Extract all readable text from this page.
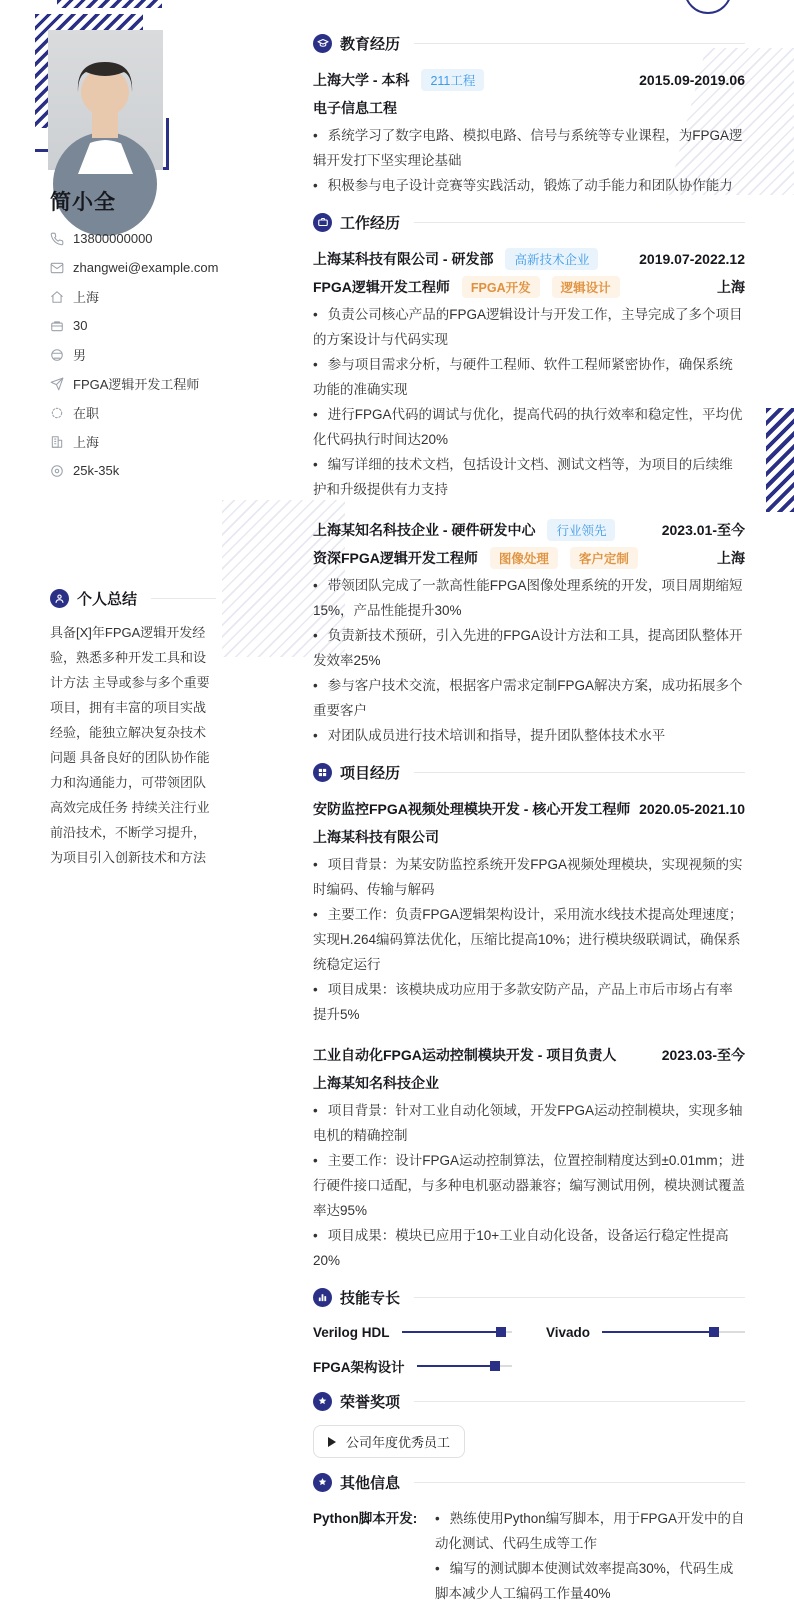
简小全
13800000000
zhangwei@example.com
上海
30
男
FPGA逻辑开发工程师
在职
上海
25k-35k
个人总结
具备[X]年FPGA逻辑开发经验，熟悉多种开发工具和设计方法 主导或参与多个重要项目，拥有丰富的项目实战经验，能独立解决复杂技术问题 具备良好的团队协作能力和沟通能力，可带领团队高效完成任务 持续关注行业前沿技术，不断学习提升，为项目引入创新技术和方法
教育经历
上海大学 - 本科	211工程	2015.09-2019.06
电子信息工程

• 系统学习了数字电路、模拟电路、信号与系统等专业课程，为FPGA逻辑开发打下坚实理论基础

• 积极参与电子设计竞赛等实践活动，锻炼了动手能力和团队协作能力

工作经历
上海某科技有限公司 - 研发部	高新技术企业	2019.07-2022.12
FPGA逻辑开发工程师	FPGA开发	逻辑设计	上海

• 负责公司核心产品的FPGA逻辑设计与开发工作，主导完成了多个项目的方案设计与代码实现

• 参与项目需求分析，与硬件工程师、软件工程师紧密协作，确保系统功能的准确实现

• 进行FPGA代码的调试与优化，提高代码的执行效率和稳定性，平均优化代码执行时间达20%

• 编写详细的技术文档，包括设计文档、测试文档等，为项目的后续维护和升级提供有力支持

上海某知名科技企业 - 硬件研发中心	行业领先	2023.01-至今
资深FPGA逻辑开发工程师	图像处理	客户定制	上海

• 带领团队完成了一款高性能FPGA图像处理系统的开发，项目周期缩短15%，产品性能提升30%

• 负责新技术预研，引入先进的FPGA设计方法和工具，提高团队整体开发效率25%

• 参与客户技术交流，根据客户需求定制FPGA解决方案，成功拓展多个重要客户

• 对团队成员进行技术培训和指导，提升团队整体技术水平

项目经历
安防监控FPGA视频处理模块开发 - 核心开发工程师 2020.05-2021.10
上海某科技有限公司

• 项目背景：为某安防监控系统开发FPGA视频处理模块，实现视频的实时编码、传输与解码

• 主要工作：负责FPGA逻辑架构设计，采用流水线技术提高处理速度；实现H.264编码算法优化，压缩比提高10%；进行模块级联调试，确保系统稳定运行

• 项目成果：该模块成功应用于多款安防产品，产品上市后市场占有率提升5%

工业自动化FPGA运动控制模块开发 - 项目负责人	2023.03-至今
上海某知名科技企业

• 项目背景：针对工业自动化领域，开发FPGA运动控制模块，实现多轴电机的精确控制

• 主要工作：设计FPGA运动控制算法，位置控制精度达到±0.01mm；进行硬件接口适配，与多种电机驱动器兼容；编写测试用例，模块测试覆盖率达95%

• 项目成果：模块已应用于10+工业自动化设备，设备运行稳定性提高20%

技能专长
Verilog HDL	Vivado
FPGA架构设计
荣誉奖项
公司年度优秀员工
其他信息
Python脚本开发:	• 熟练使用Python编写脚本，用于FPGA开发中的自动化测试、代码生成等工作

• 编写的测试脚本使测试效率提高30%，代码生成脚本减少人工编码工作量40%
